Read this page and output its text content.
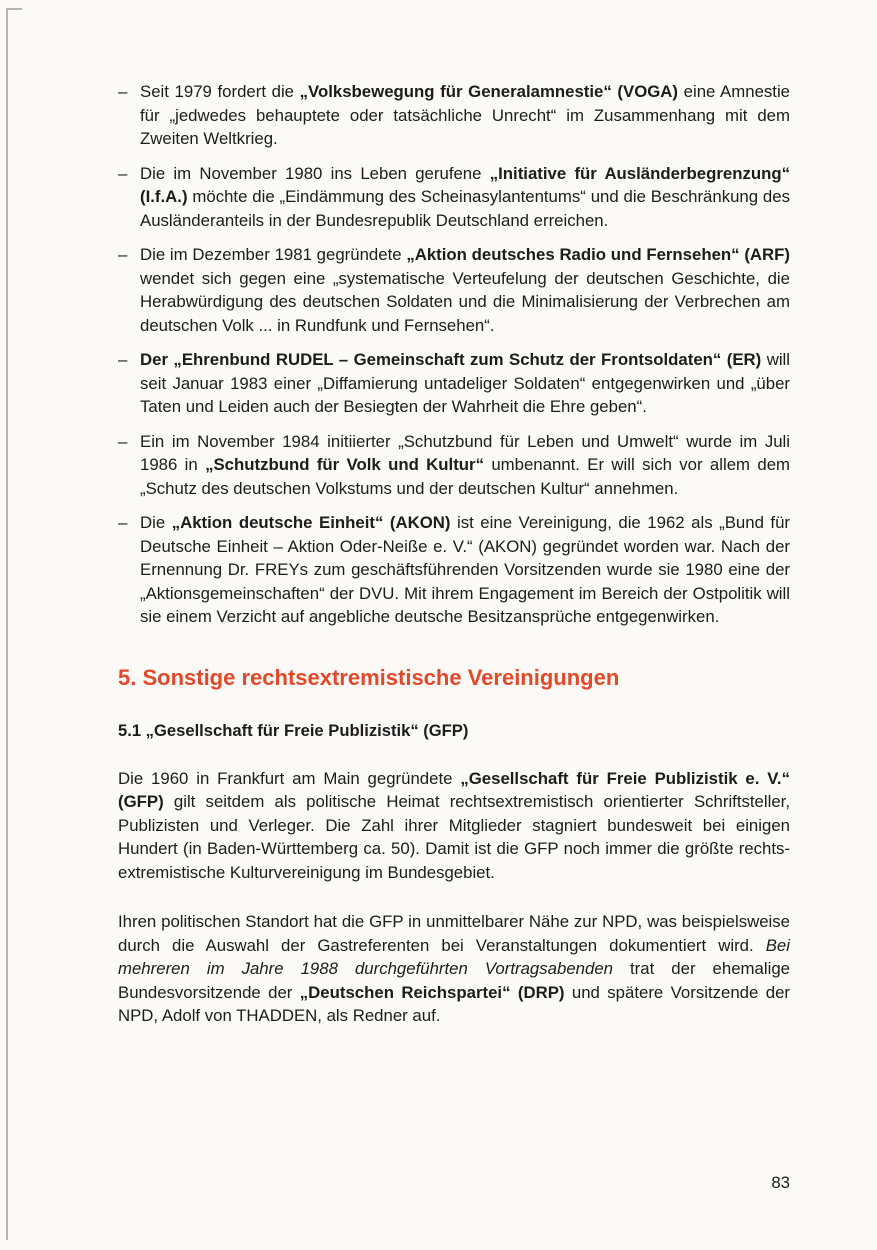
– Seit 1979 fordert die „Volksbewegung für Generalamnestie“ (VOGA) eine Amnestie für „jedwedes behauptete oder tatsächliche Unrecht“ im Zusammenhang mit dem Zweiten Weltkrieg.
– Die im November 1980 ins Leben gerufene „Initiative für Ausländerbegrenzung“ (I.f.A.) möchte die „Eindämmung des Scheinasylantentums“ und die Beschränkung des Ausländeranteils in der Bundesrepublik Deutschland erreichen.
– Die im Dezember 1981 gegründete „Aktion deutsches Radio und Fernsehen“ (ARF) wendet sich gegen eine „systematische Verteufelung der deutschen Geschichte, die Herabwürdigung des deutschen Soldaten und die Minimalisierung der Verbrechen am deutschen Volk ... in Rundfunk und Fernsehen“.
– Der „Ehrenbund RUDEL – Gemeinschaft zum Schutz der Frontsoldaten“ (ER) will seit Januar 1983 einer „Diffamierung untadeliger Soldaten“ entgegenwirken und „über Taten und Leiden auch der Besiegten der Wahrheit die Ehre geben“.
– Ein im November 1984 initiierter „Schutzbund für Leben und Umwelt“ wurde im Juli 1986 in „Schutzbund für Volk und Kultur“ umbenannt. Er will sich vor allem dem „Schutz des deutschen Volkstums und der deutschen Kultur“ annehmen.
– Die „Aktion deutsche Einheit“ (AKON) ist eine Vereinigung, die 1962 als „Bund für Deutsche Einheit – Aktion Oder-Neiße e. V.“ (AKON) gegründet worden war. Nach der Ernennung Dr. FREYs zum geschäftsführenden Vorsitzenden wurde sie 1980 eine der „Aktionsgemeinschaften“ der DVU. Mit ihrem Engagement im Bereich der Ostpolitik will sie einem Verzicht auf angebliche deutsche Besitzansprüche entgegenwirken.
5. Sonstige rechtsextremistische Vereinigungen
5.1 „Gesellschaft für Freie Publizistik“ (GFP)

Die 1960 in Frankfurt am Main gegründete „Gesellschaft für Freie Publizistik e. V.“ (GFP) gilt seitdem als politische Heimat rechtsextremistisch orientierter Schriftsteller, Publizisten und Verleger. Die Zahl ihrer Mitglieder stagniert bundesweit bei einigen Hundert (in Baden-Württemberg ca. 50). Damit ist die GFP noch immer die größte rechts- extremistische Kulturvereinigung im Bundesgebiet.

Ihren politischen Standort hat die GFP in unmittelbarer Nähe zur NPD, was beispielsweise durch die Auswahl der Gastreferenten bei Veranstaltungen dokumentiert wird. Bei mehreren im Jahre 1988 durchgeführten Vortragsabenden trat der ehemalige Bundesvorsitzende der „Deutschen Reichspartei“ (DRP) und spätere Vorsitzende der NPD, Adolf von THADDEN, als Redner auf.

83
